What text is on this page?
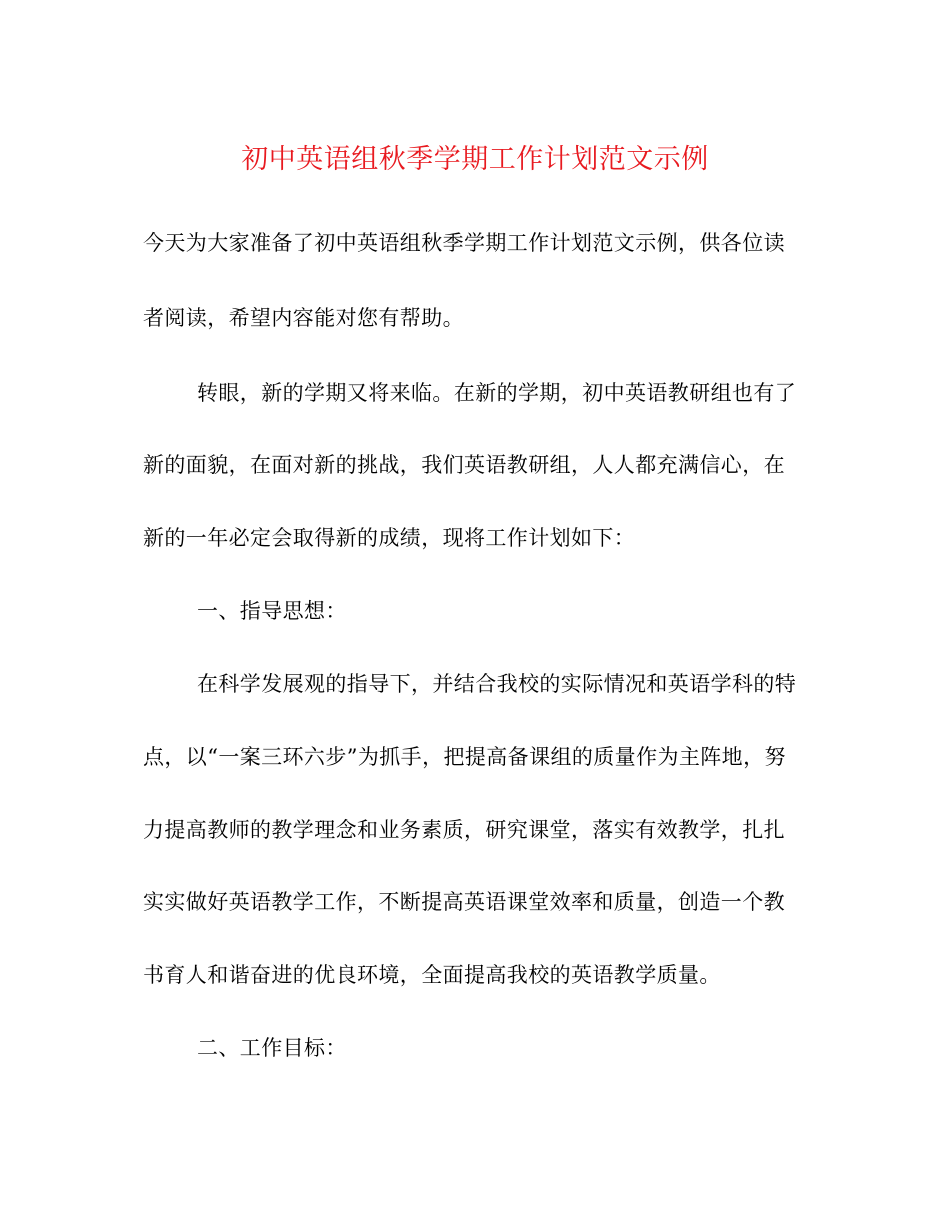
初中英语组秋季学期工作计划范文示例
今天为大家准备了初中英语组秋季学期工作计划范文示例，供各位读
者阅读，希望内容能对您有帮助。
转眼，新的学期又将来临。在新的学期，初中英语教研组也有了
新的面貌，在面对新的挑战，我们英语教研组，人人都充满信心，在
新的一年必定会取得新的成绩，现将工作计划如下：
一、指导思想：
在科学发展观的指导下，并结合我校的实际情况和英语学科的特
点，以“一案三环六步”为抓手，把提高备课组的质量作为主阵地，努
力提高教师的教学理念和业务素质，研究课堂，落实有效教学，扎扎
实实做好英语教学工作，不断提高英语课堂效率和质量，创造一个教
书育人和谐奋进的优良环境，全面提高我校的英语教学质量。
二、工作目标：
